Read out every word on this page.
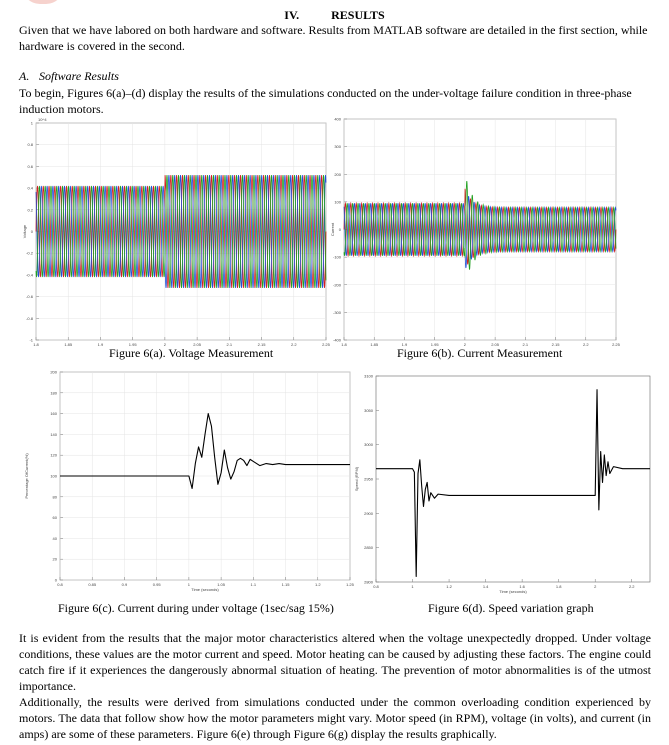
IV.	RESULTS
Given that we have labored on both hardware and software. Results from MATLAB software are detailed in the first section, while hardware is covered in the second.
A. Software Results
To begin, Figures 6(a)–(d) display the results of the simulations conducted on the under-voltage failure condition in three-phase induction motors.
-1
-0.8
-0.6
-0.4
-0.2
0
0.2
0.4
0.6
0.8
1
1.8	1.85	1.9	1.95	2	2.05	2.1	2.15	2.2	2.25
Voltage
10^4
-400
-300
-200
-100
0
100
200
300
400
1.8	1.85	1.9	1.95	2	2.05	2.1	2.15	2.2	2.25
Current
Figure 6(a). Voltage Measurement	Figure 6(b). Current Measurement
0
20
40
60
80
100
120
140
160
180
200
0.8	0.85	0.9	0.95	1	1.05	1.1	1.15	1.2	1.25
Percentage OfCurrent(%)
Time (seconds)
2800
2850
2900
2950
3000
3050
3100
0.8	1	1.2	1.4	1.6	1.8	2	2.2
Speed (RPM)
Time (seconds)
Figure 6(c). Current during under voltage (1sec/sag 15%)	Figure 6(d). Speed variation graph
It is evident from the results that the major motor characteristics altered when the voltage unexpectedly dropped. Under voltage conditions, these values are the motor current and speed. Motor heating can be caused by adjusting these factors. The engine could catch fire if it experiences the dangerously abnormal situation of heating. The prevention of motor abnormalities is of the utmost importance.
Additionally, the results were derived from simulations conducted under the common overloading condition experienced by motors. The data that follow show how the motor parameters might vary. Motor speed (in RPM), voltage (in volts), and current (in amps) are some of these parameters. Figure 6(e) through Figure 6(g) display the results graphically.
